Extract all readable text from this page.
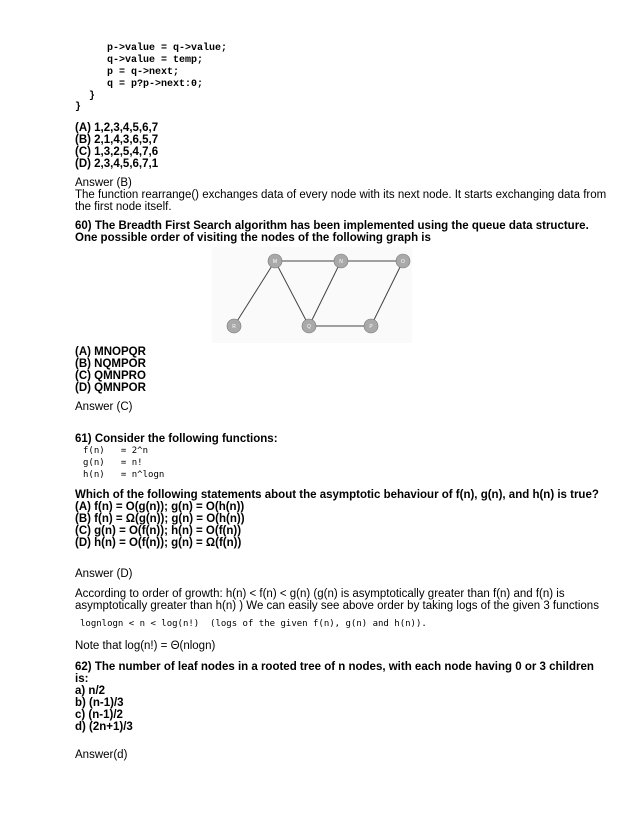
p->value = q->value;
q->value = temp;
p = q->next;
q = p?p->next:0;
}
}
(A) 1,2,3,4,5,6,7
(B) 2,1,4,3,6,5,7
(C) 1,3,2,5,4,7,6
(D) 2,3,4,5,6,7,1
Answer (B)
The function rearrange() exchanges data of every node with its next node. It starts exchanging data from
the first node itself.
60) The Breadth First Search algorithm has been implemented using the queue data structure.
One possible order of visiting the nodes of the following graph is
M	N	O
R	Q	P
(A) MNOPQR
(B) NQMPOR
(C) QMNPRO
(D) QMNPOR
Answer (C)
61) Consider the following functions:
f(n)   = 2^n
g(n)   = n!
h(n)   = n^logn
Which of the following statements about the asymptotic behaviour of f(n), g(n), and h(n) is true?
(A) f(n) = O(g(n)); g(n) = O(h(n))
(B) f(n) = Ω(g(n)); g(n) = O(h(n))
(C) g(n) = O(f(n)); h(n) = O(f(n))
(D) h(n) = O(f(n)); g(n) = Ω(f(n))
Answer (D)
According to order of growth: h(n) < f(n) < g(n) (g(n) is asymptotically greater than f(n) and f(n) is
asymptotically greater than h(n) ) We can easily see above order by taking logs of the given 3 functions
lognlogn < n < log(n!)  (logs of the given f(n), g(n) and h(n)).
Note that log(n!) = Θ(nlogn)
62) The number of leaf nodes in a rooted tree of n nodes, with each node having 0 or 3 children
is:
a) n/2
b) (n-1)/3
c) (n-1)/2
d) (2n+1)/3
Answer(d)
